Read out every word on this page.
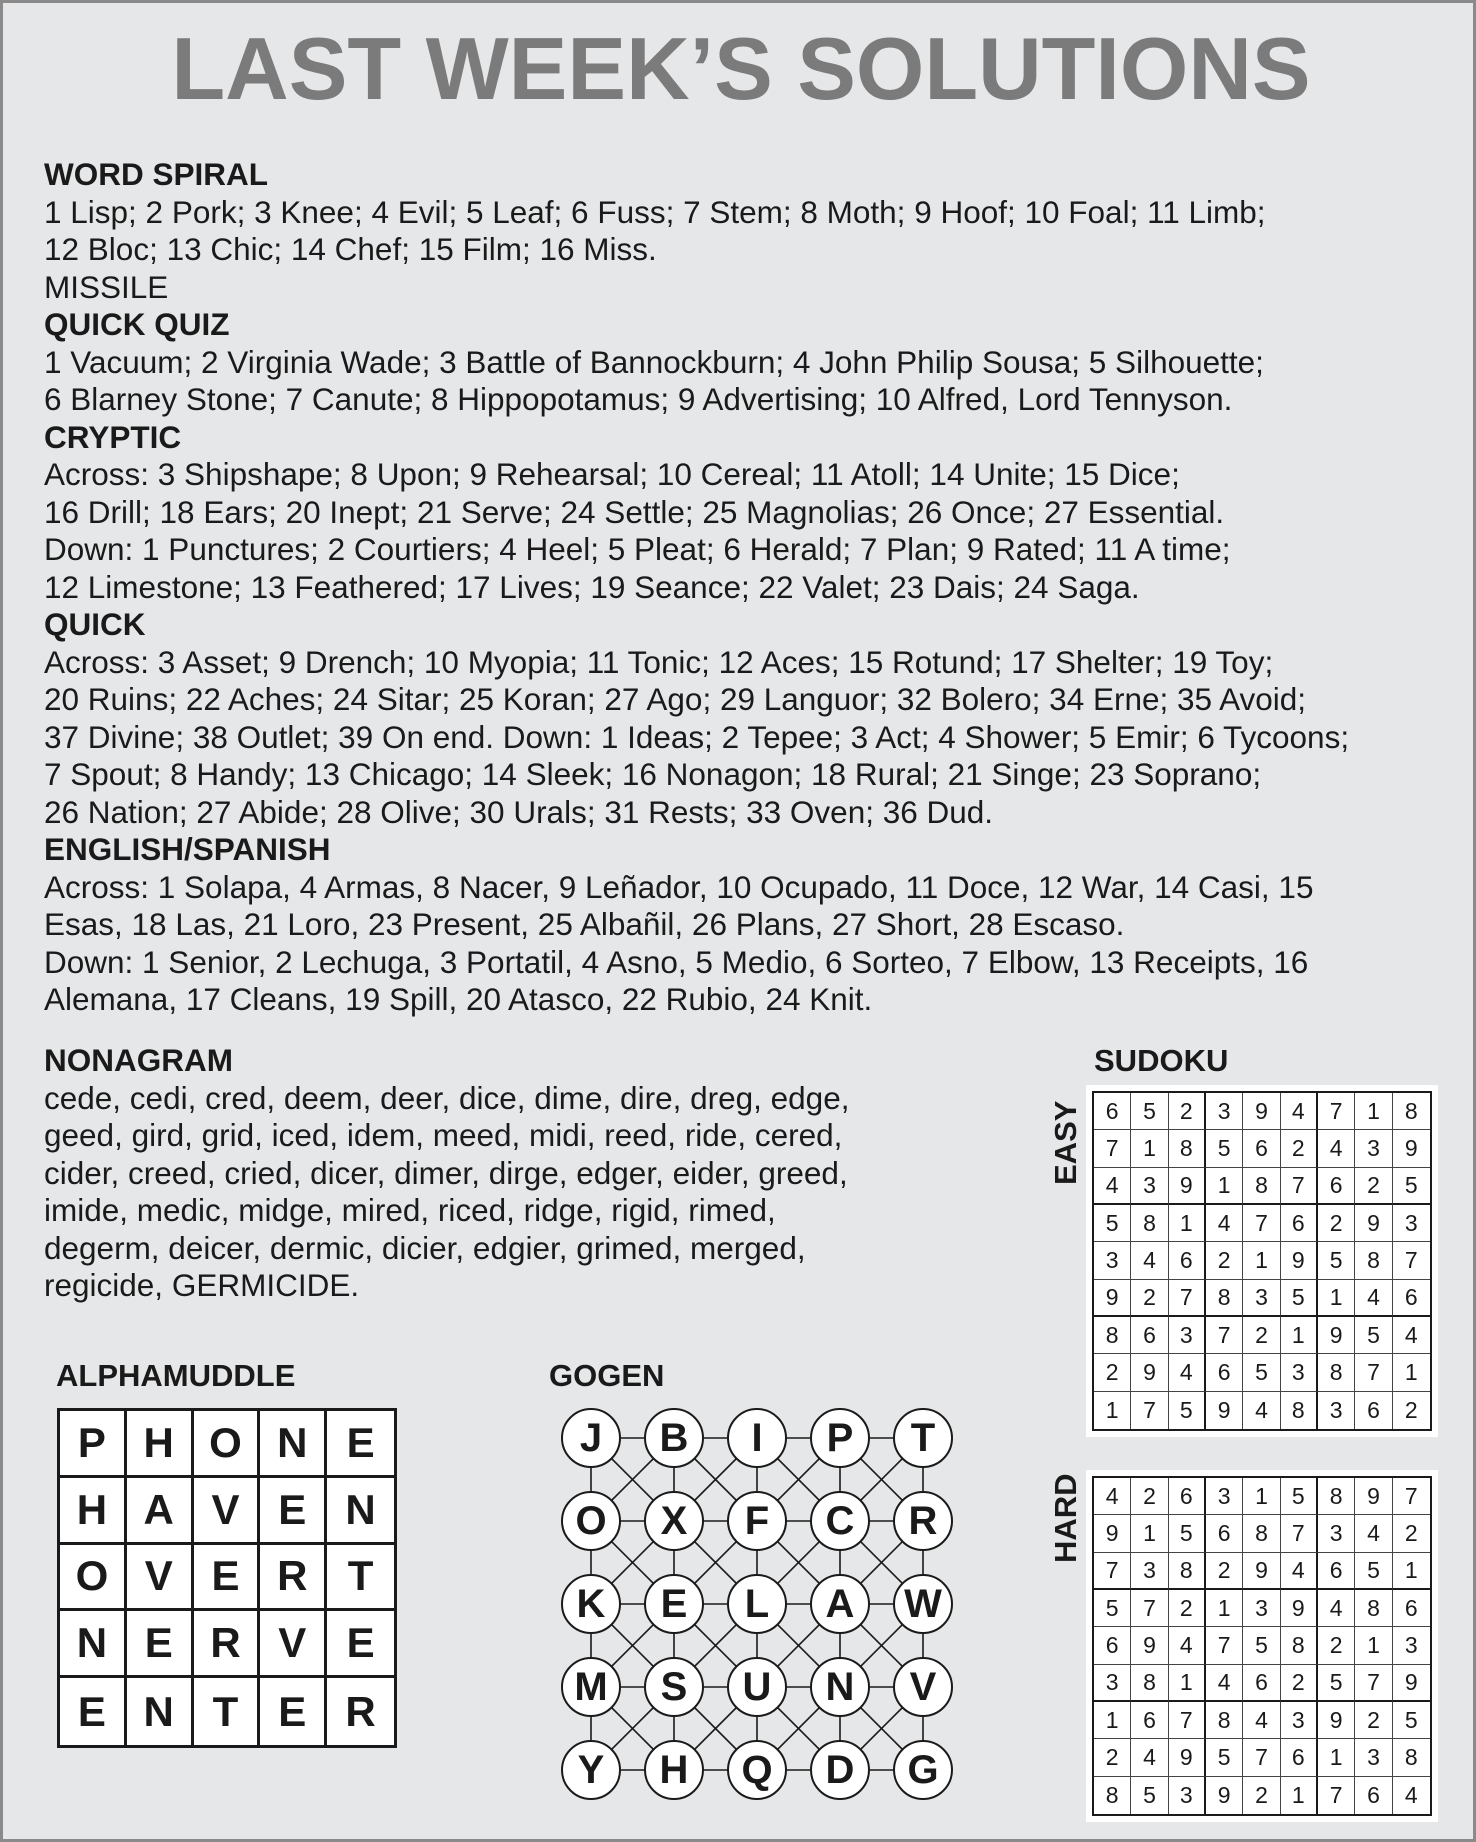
LAST WEEK’S SOLUTIONS
WORD SPIRAL
1 Lisp; 2 Pork; 3 Knee; 4 Evil; 5 Leaf; 6 Fuss; 7 Stem; 8 Moth; 9 Hoof; 10 Foal; 11 Limb;
12 Bloc; 13 Chic; 14 Chef; 15 Film; 16 Miss.
MISSILE
QUICK QUIZ
1 Vacuum; 2 Virginia Wade; 3 Battle of Bannockburn; 4 John Philip Sousa; 5 Silhouette;
6 Blarney Stone; 7 Canute; 8 Hippopotamus; 9 Advertising; 10 Alfred, Lord Tennyson.
CRYPTIC
Across: 3 Shipshape; 8 Upon; 9 Rehearsal; 10 Cereal; 11 Atoll; 14 Unite; 15 Dice;
16 Drill; 18 Ears; 20 Inept; 21 Serve; 24 Settle; 25 Magnolias; 26 Once; 27 Essential.
Down: 1 Punctures; 2 Courtiers; 4 Heel; 5 Pleat; 6 Herald; 7 Plan; 9 Rated; 11 A time;
12 Limestone; 13 Feathered; 17 Lives; 19 Seance; 22 Valet; 23 Dais; 24 Saga.
QUICK
Across: 3 Asset; 9 Drench; 10 Myopia; 11 Tonic; 12 Aces; 15 Rotund; 17 Shelter; 19 Toy;
20 Ruins; 22 Aches; 24 Sitar; 25 Koran; 27 Ago; 29 Languor; 32 Bolero; 34 Erne; 35 Avoid;
37 Divine; 38 Outlet; 39 On end. Down: 1 Ideas; 2 Tepee; 3 Act; 4 Shower; 5 Emir; 6 Tycoons;
7 Spout; 8 Handy; 13 Chicago; 14 Sleek; 16 Nonagon; 18 Rural; 21 Singe; 23 Soprano;
26 Nation; 27 Abide; 28 Olive; 30 Urals; 31 Rests; 33 Oven; 36 Dud.
ENGLISH/SPANISH
Across: 1 Solapa, 4 Armas, 8 Nacer, 9 Leñador, 10 Ocupado, 11 Doce, 12 War, 14 Casi, 15
Esas, 18 Las, 21 Loro, 23 Present, 25 Albañil, 26 Plans, 27 Short, 28 Escaso.
Down: 1 Senior, 2 Lechuga, 3 Portatil, 4 Asno, 5 Medio, 6 Sorteo, 7 Elbow, 13 Receipts, 16
Alemana, 17 Cleans, 19 Spill, 20 Atasco, 22 Rubio, 24 Knit.
NONAGRAM
cede, cedi, cred, deem, deer, dice, dime, dire, dreg, edge,
geed, gird, grid, iced, idem, meed, midi, reed, ride, cered,
cider, creed, cried, dicer, dimer, dirge, edger, eider, greed,
imide, medic, midge, mired, riced, ridge, rigid, rimed,
degerm, deicer, dermic, dicier, edgier, grimed, merged,
regicide, GERMICIDE.
ALPHAMUDDLE
P H O N E
H A V E N
O V E R T
N E R V E
E N T E R
GOGEN
J	B	I	P	T
O	X	F	C	R
K	E	L	A	W
M	S	U	N	V
Y	H	Q	D	G
SUDOKU
EASY 6	5	2	3	9	4	7	1	8
7	1	8	5	6	2	4	3	9
4	3	9	1	8	7	6	2	5
5	8	1	4	7	6	2	9	3
3	4	6	2	1	9	5	8	7
9	2	7	8	3	5	1	4	6
8	6	3	7	2	1	9	5	4
2	9	4	6	5	3	8	7	1
1	7	5	9	4	8	3	6	2
HARD 4	2	6	3	1	5	8	9	7
9	1	5	6	8	7	3	4	2
7	3	8	2	9	4	6	5	1
5	7	2	1	3	9	4	8	6
6	9	4	7	5	8	2	1	3
3	8	1	4	6	2	5	7	9
1	6	7	8	4	3	9	2	5
2	4	9	5	7	6	1	3	8
8	5	3	9	2	1	7	6	4
